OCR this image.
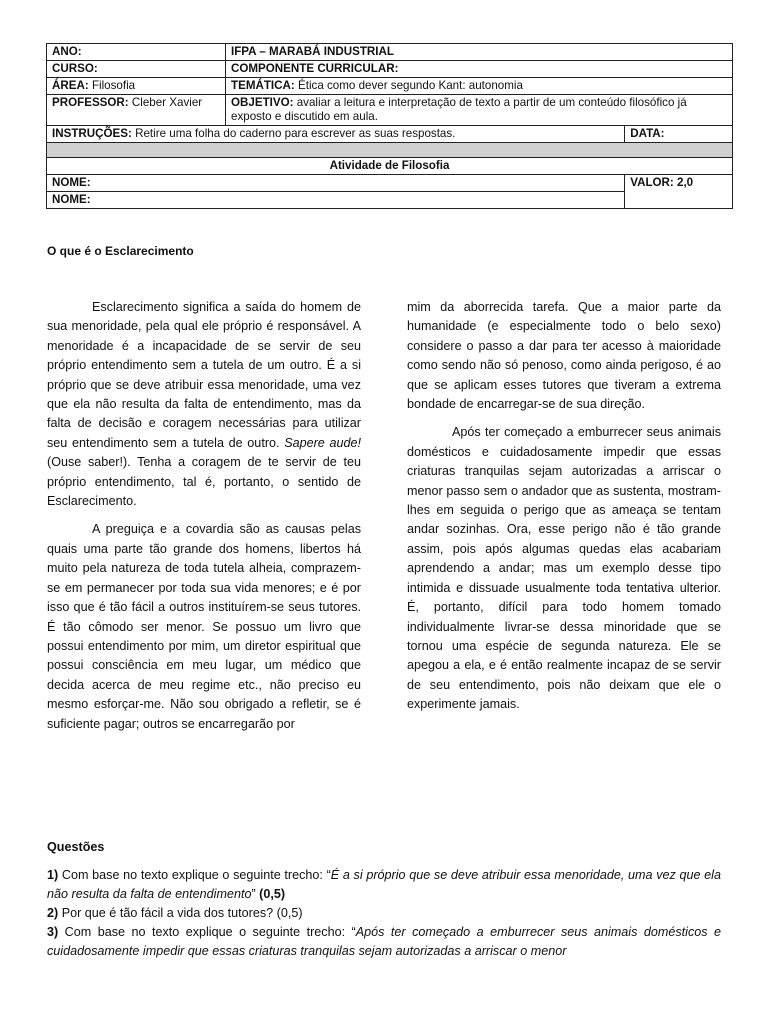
ANO:	IFPA – MARABÁ INDUSTRIAL	
CURSO:	COMPONENTE CURRICULAR:	
ÁREA: Filosofia	TEMÁTICA: Ética como dever segundo Kant: autonomia	
PROFESSOR: Cleber Xavier	OBJETIVO: avaliar a leitura e interpretação de texto a partir de um conteúdo filosófico já exposto e discutido em aula.	
INSTRUÇÕES: Retire uma folha do caderno para escrever as suas respostas.		DATA:

Atividade de Filosofia		
NOME:		VALOR: 2,0
NOME:		
O que é o Esclarecimento

Esclarecimento significa a saída do homem de sua menoridade, pela qual ele próprio é responsável. A menoridade é a incapacidade de se servir de seu próprio entendimento sem a tutela de um outro. É a si próprio que se deve atribuir essa menoridade, uma vez que ela não resulta da falta de entendimento, mas da falta de decisão e coragem necessárias para utilizar seu entendimento sem a tutela de outro. Sapere aude! (Ouse saber!). Tenha a coragem de te servir de teu próprio entendimento, tal é, portanto, o sentido de Esclarecimento.

A preguiça e a covardia são as causas pelas quais uma parte tão grande dos homens, libertos há muito pela natureza de toda tutela alheia, comprazem-se em permanecer por toda sua vida menores; e é por isso que é tão fácil a outros instituírem-se seus tutores. É tão cômodo ser menor. Se possuo um livro que possui entendimento por mim, um diretor espiritual que possui consciência em meu lugar, um médico que decida acerca de meu regime etc., não preciso eu mesmo esforçar-me. Não sou obrigado a refletir, se é suficiente pagar; outros se encarregarão por

mim da aborrecida tarefa. Que a maior parte da humanidade (e especialmente todo o belo sexo) considere o passo a dar para ter acesso à maioridade como sendo não só penoso, como ainda perigoso, é ao que se aplicam esses tutores que tiveram a extrema bondade de encarregar-se de sua direção.

Após ter começado a emburrecer seus animais domésticos e cuidadosamente impedir que essas criaturas tranquilas sejam autorizadas a arriscar o menor passo sem o andador que as sustenta, mostram-lhes em seguida o perigo que as ameaça se tentam andar sozinhas. Ora, esse perigo não é tão grande assim, pois após algumas quedas elas acabariam aprendendo a andar; mas um exemplo desse tipo intimida e dissuade usualmente toda tentativa ulterior. É, portanto, difícil para todo homem tomado individualmente livrar-se dessa minoridade que se tornou uma espécie de segunda natureza. Ele se apegou a ela, e é então realmente incapaz de se servir de seu entendimento, pois não deixam que ele o experimente jamais.

Questões

1) Com base no texto explique o seguinte trecho: “É a si próprio que se deve atribuir essa menoridade, uma vez que ela não resulta da falta de entendimento” (0,5)

2) Por que é tão fácil a vida dos tutores? (0,5)

3) Com base no texto explique o seguinte trecho: “Após ter começado a emburrecer seus animais domésticos e cuidadosamente impedir que essas criaturas tranquilas sejam autorizadas a arriscar o menor
